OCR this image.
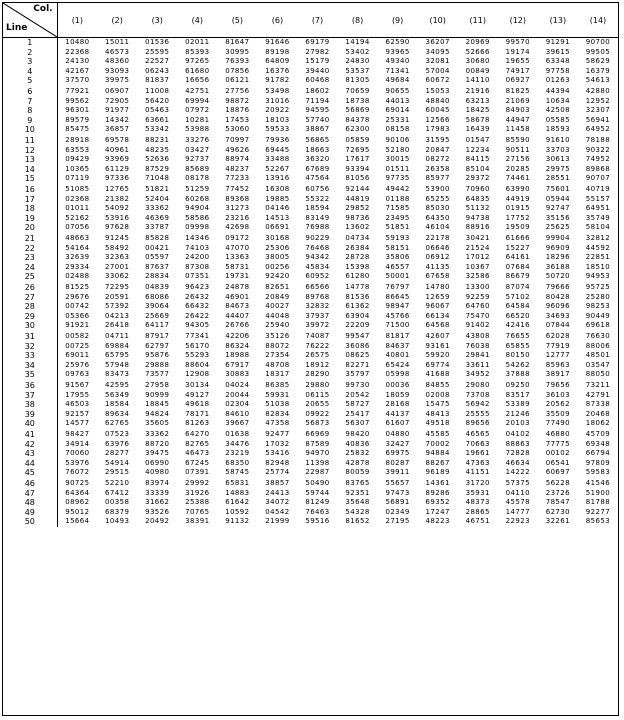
Col.
Line	(1)	(2)	(3)	(4)	(5)	(6)	(7)	(8)	(9)	(10)	(11)	(12)	(13)	(14)
1	10480	15011	01536	02011	81647	91646	69179	14194	62590	36207	20969	99570	91291	90700
2	22368	46573	25595	85393	30995	89198	27982	53402	93965	34095	52666	19174	39615	99505
3	24130	48360	22527	97265	76393	64809	15179	24830	49340	32081	30680	19655	63348	58629
4	42167	93093	06243	61680	07856	16376	39440	53537	71341	57004	00849	74917	97758	16379
5	37570	39975	81837	16656	06121	91782	60468	81305	49684	60672	14110	06927	01263	54613
6	77921	06907	11008	42751	27756	53498	18602	70659	90655	15053	21916	81825	44394	42880
7	99562	72905	56420	69994	98872	31016	71194	18738	44013	48840	63213	21069	10634	12952
8	96301	91977	05463	07972	18876	20922	94595	56869	69014	60045	18425	84903	42508	32307
9	89579	14342	63661	10281	17453	18103	57740	84378	25331	12566	58678	44947	05585	56941
10	85475	36857	53342	53988	53060	59533	38867	62300	08158	17983	16439	11458	18593	64952
11	28918	69578	88231	33276	70997	79936	56865	05859	90106	31595	01547	85590	91610	78188
12	63553	40961	48235	03427	49626	69445	18663	72695	52180	20847	12234	90511	33703	90322
13	09429	93969	52636	92737	88974	33488	36320	17617	30015	08272	84115	27156	30613	74952
14	10365	61129	87529	85689	48237	52267	67689	93394	01511	26358	85104	20285	29975	89868
15	07119	97336	71048	08178	77233	13916	47564	81056	97735	85977	29372	74461	28551	90707
16	51085	12765	51821	51259	77452	16308	60756	92144	49442	53900	70960	63990	75601	40719
17	02368	21382	52404	60268	89368	19885	55322	44819	01188	65255	64835	44919	05944	55157
18	01011	54092	33362	94904	31273	04146	18594	29852	71585	85030	51132	01915	92747	64951
19	52162	53916	46369	58586	23216	14513	83149	98736	23495	64350	94738	17752	35156	35749
20	07056	97628	33787	09998	42698	06691	76988	13602	51851	46104	88916	19509	25625	58104
21	48663	91245	85828	14346	09172	30168	90229	04734	59193	22178	30421	61666	99904	32812
22	54164	58492	00421	74103	47070	25306	76468	26384	58151	06646	21524	15227	96909	44592
23	32639	32363	05597	24200	13363	38005	94342	28728	35806	06912	17012	64161	18296	22851
24	29334	27001	87637	87308	58731	00256	45834	15398	46557	41135	10367	07684	36188	18510
25	02488	33062	28834	07351	19731	92420	60952	61280	50001	67658	32586	86679	50720	94953
26	81525	72295	04839	96423	24878	82651	66566	14778	76797	14780	13300	87074	79666	95725
27	29676	20591	68086	26432	46901	20849	89768	81536	86645	12659	92259	57102	80428	25280
28	00742	57392	39064	66432	84673	40027	32832	61362	98947	96067	64760	64584	96096	98253
29	05366	04213	25669	26422	44407	44048	37937	63904	45766	66134	75470	66520	34693	90449
30	91921	26418	64117	94305	26766	25940	39972	22209	71500	64568	91402	42416	07844	69618
31	00582	04711	87917	77341	42206	35126	74087	99547	81817	42607	43808	76655	62028	76630
32	00725	69884	62797	56170	86324	88072	76222	36086	84637	93161	76038	65855	77919	88006
33	69011	65795	95876	55293	18988	27354	26575	08625	40801	59920	29841	80150	12777	48501
34	25976	57948	29888	88604	67917	48708	18912	82271	65424	69774	33611	54262	85963	03547
35	09763	83473	73577	12908	30883	18317	28290	35797	05998	41688	34952	37888	38917	88050
36	91567	42595	27958	30134	04024	86385	29880	99730	00036	84855	29080	09250	79656	73211
37	17955	56349	90999	49127	20044	59931	06115	20542	18059	02008	73708	83517	36103	42791
38	46503	18584	18845	49618	02304	51038	20655	58727	28168	15475	56942	53389	20562	87338
39	92157	89634	94824	78171	84610	82834	09922	25417	44137	48413	25555	21246	35509	20468
40	14577	62765	35605	81263	39667	47358	56873	56307	61607	49518	89656	20103	77490	18062
41	98427	07523	33362	64270	01638	92477	66969	98420	04880	45585	46565	04102	46880	45709
42	34914	63976	88720	82765	34476	17032	87589	40836	32427	70002	70663	88863	77775	69348
43	70060	28277	39475	46473	23219	53416	94970	25832	69975	94884	19661	72828	00102	66794
44	53976	54914	06990	67245	68350	82948	11398	42878	80287	88267	47363	46634	06541	97809
45	76072	29515	40980	07391	58745	25774	22987	80059	39911	96189	41151	14222	60697	59583
46	90725	52210	83974	29992	65831	38857	50490	83765	55657	14361	31720	57375	56228	41546
47	64364	67412	33339	31926	14883	24413	59744	92351	97473	89286	35931	04110	23726	51900
48	08962	00358	31662	25388	61642	34072	81249	35648	56891	69352	48373	45578	78547	81788
49	95012	68379	93526	70765	10592	04542	76463	54328	02349	17247	28865	14777	62730	92277
50	15664	10493	20492	38391	91132	21999	59516	81652	27195	48223	46751	22923	32261	85653
